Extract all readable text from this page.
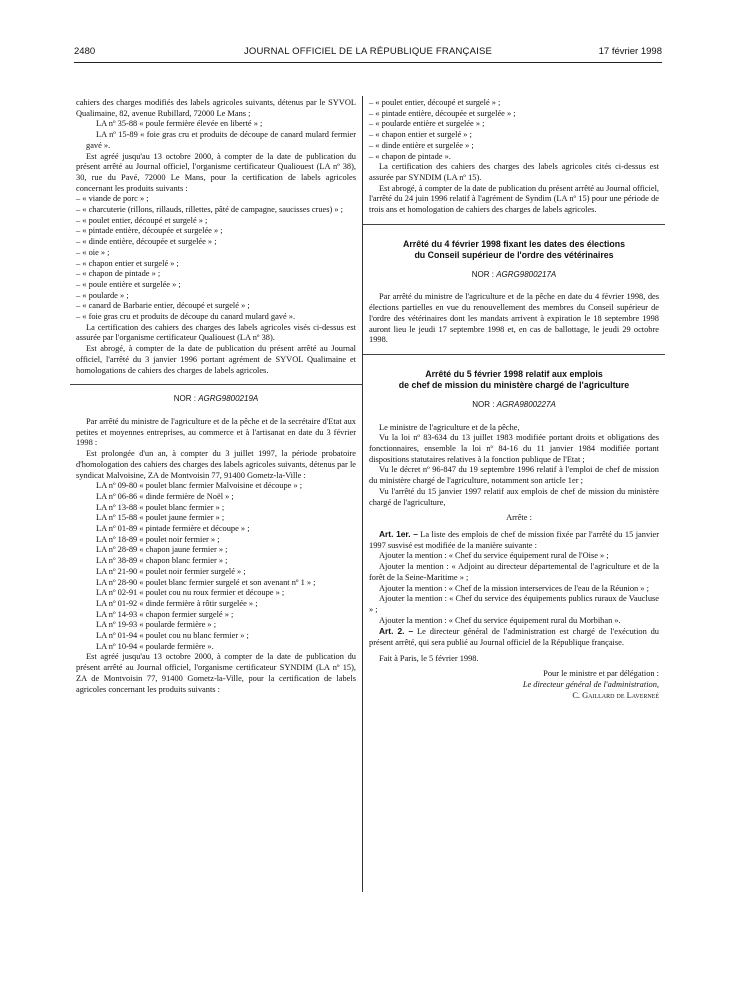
2480	JOURNAL OFFICIEL DE LA RÉPUBLIQUE FRANÇAISE	17 février 1998

cahiers des charges modifiés des labels agricoles suivants, détenus par le SYVOL Qualimaine, 82, avenue Rubillard, 72000 Le Mans ;

LA nº 35-88 « poule fermière élevée en liberté » ;

LA nº 15-89 « foie gras cru et produits de découpe de canard mulard fermier gavé ».

Est agréé jusqu'au 13 octobre 2000, à compter de la date de publication du présent arrêté au Journal officiel, l'organisme certificateur Qualiouest (LA nº 38), 30, rue du Pavé, 72000 Le Mans, pour la certification de labels agricoles concernant les produits suivants :

– « viande de porc » ;

– « charcuterie (rillons, rillauds, rillettes, pâté de campagne, saucisses crues) » ;

– « poulet entier, découpé et surgelé » ;

– « pintade entière, découpée et surgelée » ;

– « dinde entière, découpée et surgelée » ;

– « oie » ;

– « chapon entier et surgelé » ;

– « chapon de pintade » ;

– « poule entière et surgelée » ;

– « poularde » ;

– « canard de Barbarie entier, découpé et surgelé » ;

– « foie gras cru et produits de découpe du canard mulard gavé ».

La certification des cahiers des charges des labels agricoles visés ci-dessus est assurée par l'organisme certificateur Qualiouest (LA nº 38).

Est abrogé, à compter de la date de publication du présent arrêté au Journal officiel, l'arrêté du 3 janvier 1996 portant agrément de SYVOL Qualimaine et homologations de cahiers des charges de labels agricoles.

NOR : AGRG9800219A

Par arrêté du ministre de l'agriculture et de la pêche et de la secrétaire d'Etat aux petites et moyennes entreprises, au commerce et à l'artisanat en date du 3 février 1998 :

Est prolongée d'un an, à compter du 3 juillet 1997, la période probatoire d'homologation des cahiers des charges des labels agricoles suivants, détenus par le syndicat Malvoisine, ZA de Montvoisin 77, 91400 Gometz-la-Ville :

LA nº 09-80 « poulet blanc fermier Malvoisine et découpe » ;

LA nº 06-86 « dinde fermière de Noël » ;

LA nº 13-88 « poulet blanc fermier » ;

LA nº 15-88 « poulet jaune fermier » ;

LA nº 01-89 « pintade fermière et découpe » ;

LA nº 18-89 « poulet noir fermier » ;

LA nº 28-89 « chapon jaune fermier » ;

LA nº 38-89 « chapon blanc fermier » ;

LA nº 21-90 « poulet noir fermier surgelé » ;

LA nº 28-90 « poulet blanc fermier surgelé et son avenant nº 1 » ;

LA nº 02-91 « poulet cou nu roux fermier et découpe » ;

LA nº 01-92 « dinde fermière à rôtir surgelée » ;

LA nº 14-93 « chapon fermier surgelé » ;

LA nº 19-93 « poularde fermière » ;

LA nº 01-94 « poulet cou nu blanc fermier » ;

LA nº 10-94 « poularde fermière ».

Est agréé jusqu'au 13 octobre 2000, à compter de la date de publication du présent arrêté au Journal officiel, l'organisme certificateur SYNDIM (LA nº 15), ZA de Montvoisin 77, 91400 Gometz-la-Ville, pour la certification de labels agricoles concernant les produits suivants :

– « poulet entier, découpé et surgelé » ;

– « pintade entière, découpée et surgelée » ;

– « poularde entière et surgelée » ;

– « chapon entier et surgelé » ;

– « dinde entière et surgelée » ;

– « chapon de pintade ».

La certification des cahiers des charges des labels agricoles cités ci-dessus est assurée par SYNDIM (LA nº 15).

Est abrogé, à compter de la date de publication du présent arrêté au Journal officiel, l'arrêté du 24 juin 1996 relatif à l'agrément de Syndim (LA nº 15) pour une période de trois ans et homologation de cahiers des charges de labels agricoles.

Arrêté du 4 février 1998 fixant les dates des élections
du Conseil supérieur de l'ordre des vétérinaires
NOR : AGRG9800217A

Par arrêté du ministre de l'agriculture et de la pêche en date du 4 février 1998, des élections partielles en vue du renouvellement des membres du Conseil supérieur de l'ordre des vétérinaires dont les mandats arrivent à expiration le 18 septembre 1998 auront lieu le jeudi 17 septembre 1998 et, en cas de ballottage, le jeudi 29 octobre 1998.

Arrêté du 5 février 1998 relatif aux emplois
de chef de mission du ministère chargé de l'agriculture
NOR : AGRA9800227A

Le ministre de l'agriculture et de la pêche,

Vu la loi nº 83-634 du 13 juillet 1983 modifiée portant droits et obligations des fonctionnaires, ensemble la loi nº 84-16 du 11 janvier 1984 modifiée portant dispositions statutaires relatives à la fonction publique de l'Etat ;

Vu le décret nº 96-847 du 19 septembre 1996 relatif à l'emploi de chef de mission du ministère chargé de l'agriculture, notamment son article 1er ;

Vu l'arrêté du 15 janvier 1997 relatif aux emplois de chef de mission du ministère chargé de l'agriculture,

Arrête :

Art. 1er. – La liste des emplois de chef de mission fixée par l'arrêté du 15 janvier 1997 susvisé est modifiée de la manière suivante :

Ajouter la mention : « Chef du service équipement rural de l'Oise » ;

Ajouter la mention : « Adjoint au directeur départemental de l'agriculture et de la forêt de la Seine-Maritime » ;

Ajouter la mention : « Chef de la mission interservices de l'eau de la Réunion » ;

Ajouter la mention : « Chef du service des équipements publics ruraux de Vaucluse » ;

Ajouter la mention : « Chef du service équipement rural du Morbihan ».

Art. 2. – Le directeur général de l'administration est chargé de l'exécution du présent arrêté, qui sera publié au Journal officiel de la République française.

Fait à Paris, le 5 février 1998.

Pour le ministre et par délégation :

Le directeur général de l'administration,

C. Gaillard de Laverneé
